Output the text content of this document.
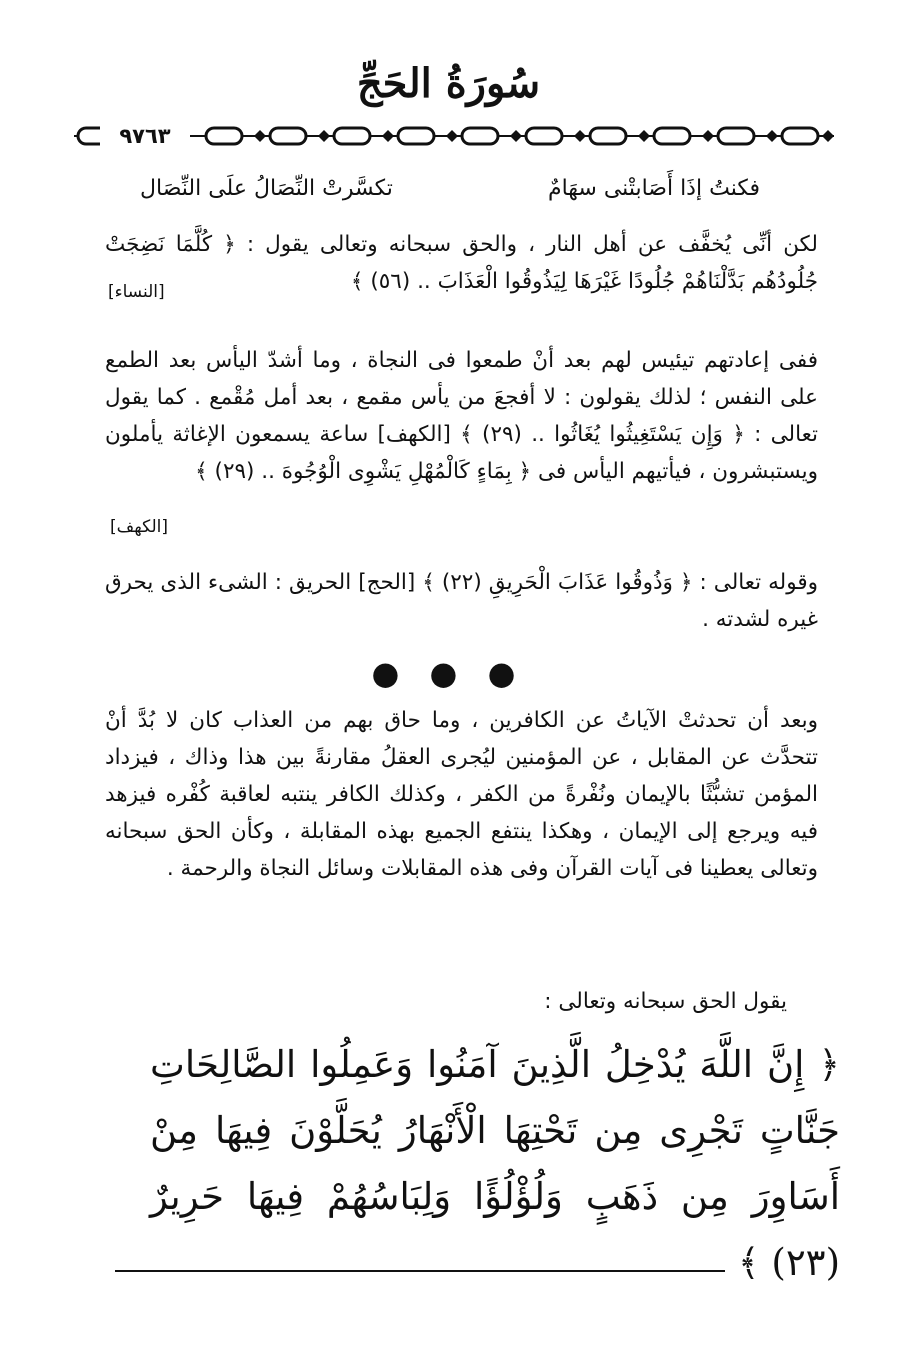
سُورَةُ الحَجِّ
٩٧٦٣
فكنتُ إذَا أَصَابتْنى سهَامٌ
تكسَّرتْ النِّصَالُ علَى النِّصَال

لكن أنِّى يُخفَّف عن أهل النار ، والحق سبحانه وتعالى يقول : ﴿ كُلَّمَا نَضِجَتْ جُلُودُهُم بَدَّلْنَاهُمْ جُلُودًا غَيْرَهَا لِيَذُوقُوا الْعَذَابَ .. (٥٦) ﴾

[النساء]

ففى إعادتهم تيئيس لهم بعد أنْ طمعوا فى النجاة ، وما أشدّ اليأس بعد الطمع على النفس ؛ لذلك يقولون : لا أفجعَ من يأس مقمع ، بعد أمل مُقْمع . كما يقول تعالى : ﴿ وَإِن يَسْتَغِيثُوا يُغَاثُوا .. (٢٩) ﴾ [الكهف] ساعة يسمعون الإغاثة يأملون ويستبشرون ، فيأتيهم اليأس فى ﴿ بِمَاءٍ كَالْمُهْلِ يَشْوِى الْوُجُوهَ .. (٢٩) ﴾

[الكهف]

وقوله تعالى : ﴿ وَذُوقُوا عَذَابَ الْحَرِيقِ (٢٢) ﴾ [الحج] الحريق : الشىء الذى يحرق غيره لشدته .

● ● ●

وبعد أن تحدثتْ الآياتُ عن الكافرين ، وما حاق بهم من العذاب كان لا بُدَّ أنْ تتحدَّث عن المقابل ، عن المؤمنين ليُجرى العقلُ مقارنةً بين هذا وذاك ، فيزداد المؤمن تشبُّثًا بالإيمان ونُفْرةً من الكفر ، وكذلك الكافر ينتبه لعاقبة كُفْره فيزهد فيه ويرجع إلى الإيمان ، وهكذا ينتفع الجميع بهذه المقابلة ، وكأن الحق سبحانه وتعالى يعطينا فى آيات القرآن وفى هذه المقابلات وسائل النجاة والرحمة .

يقول الحق سبحانه وتعالى :

﴿ إِنَّ اللَّهَ يُدْخِلُ الَّذِينَ آمَنُوا وَعَمِلُوا الصَّالِحَاتِ جَنَّاتٍ تَجْرِى مِن تَحْتِهَا الْأَنْهَارُ يُحَلَّوْنَ فِيهَا مِنْ أَسَاوِرَ مِن ذَهَبٍ وَلُؤْلُؤًا وَلِبَاسُهُمْ فِيهَا حَرِيرٌ (٢٣) ﴾
